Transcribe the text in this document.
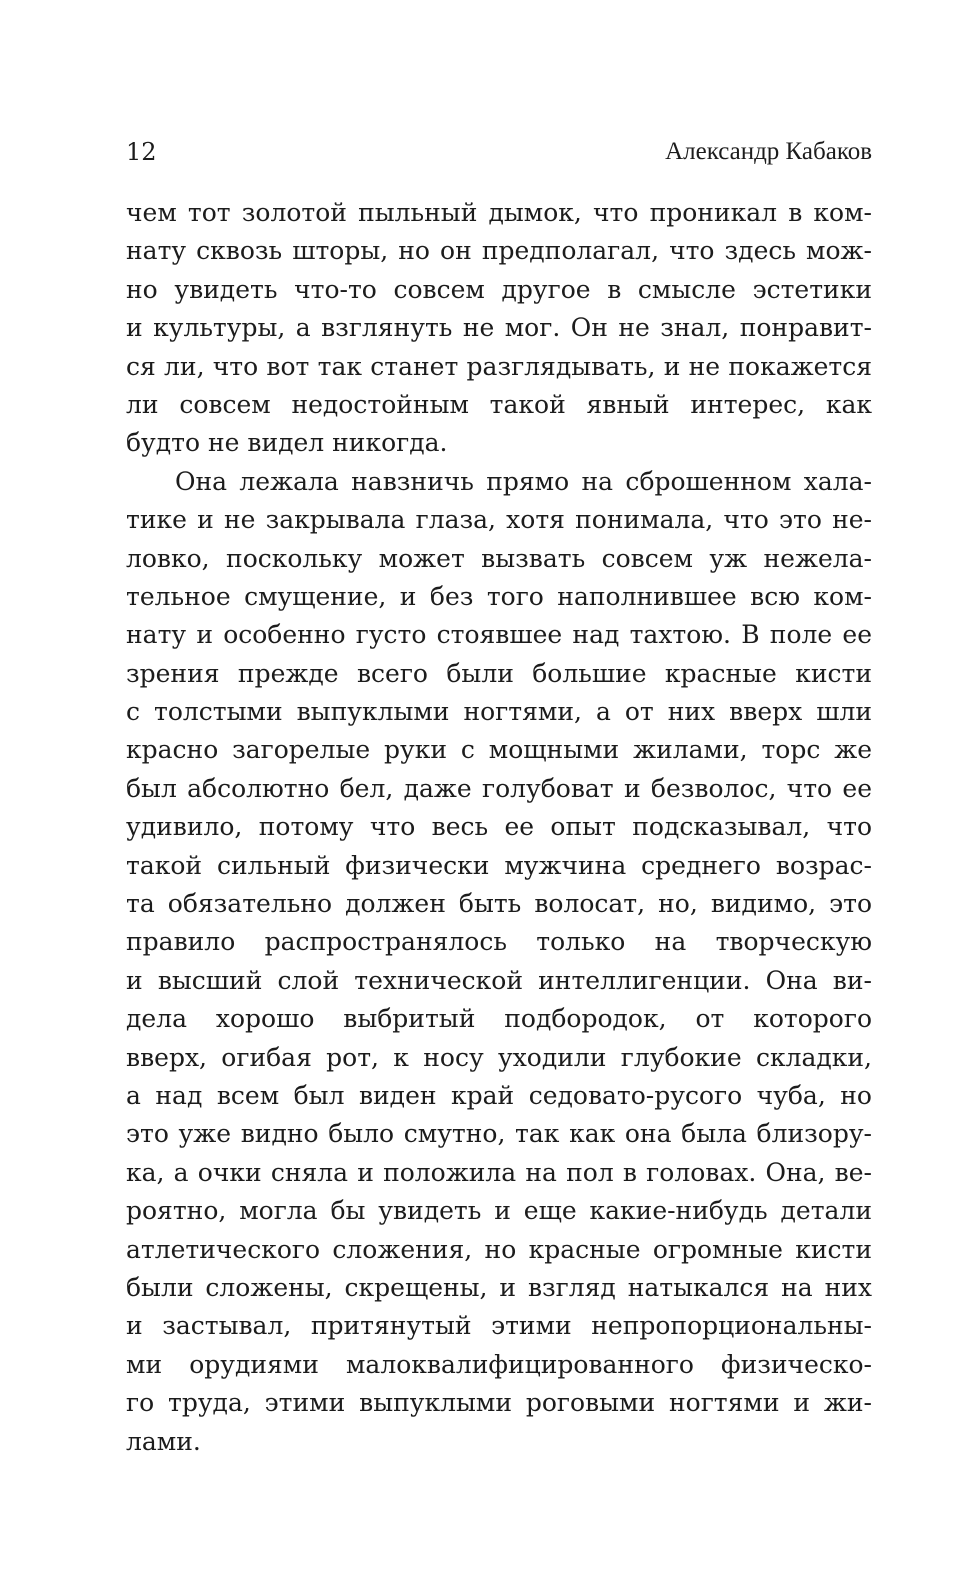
12	Александр Кабаков
чем тот золотой пыльный дымок, что проникал в ком-
нату сквозь шторы, но он предполагал, что здесь мож-
но увидеть что-то совсем другое в смысле эстетики
и культуры, а взглянуть не мог. Он не знал, понравит-
ся ли, что вот так станет разглядывать, и не покажется
ли совсем недостойным такой явный интерес, как
будто не видел никогда.
Она лежала навзничь прямо на сброшенном хала-
тике и не закрывала глаза, хотя понимала, что это не-
ловко, поскольку может вызвать совсем уж нежела-
тельное смущение, и без того наполнившее всю ком-
нату и особенно густо стоявшее над тахтою. В поле ее
зрения прежде всего были большие красные кисти
с толстыми выпуклыми ногтями, а от них вверх шли
красно загорелые руки с мощными жилами, торс же
был абсолютно бел, даже голубоват и безволос, что ее
удивило, потому что весь ее опыт подсказывал, что
такой сильный физически мужчина среднего возрас-
та обязательно должен быть волосат, но, видимо, это
правило распространялось только на творческую
и высший слой технической интеллигенции. Она ви-
дела хорошо выбритый подбородок, от которого
вверх, огибая рот, к носу уходили глубокие складки,
а над всем был виден край седовато-русого чуба, но
это уже видно было смутно, так как она была близору-
ка, а очки сняла и положила на пол в головах. Она, ве-
роятно, могла бы увидеть и еще какие-нибудь детали
атлетического сложения, но красные огромные кисти
были сложены, скрещены, и взгляд натыкался на них
и застывал, притянутый этими непропорциональны-
ми орудиями малоквалифицированного физическо-
го труда, этими выпуклыми роговыми ногтями и жи-
лами.
